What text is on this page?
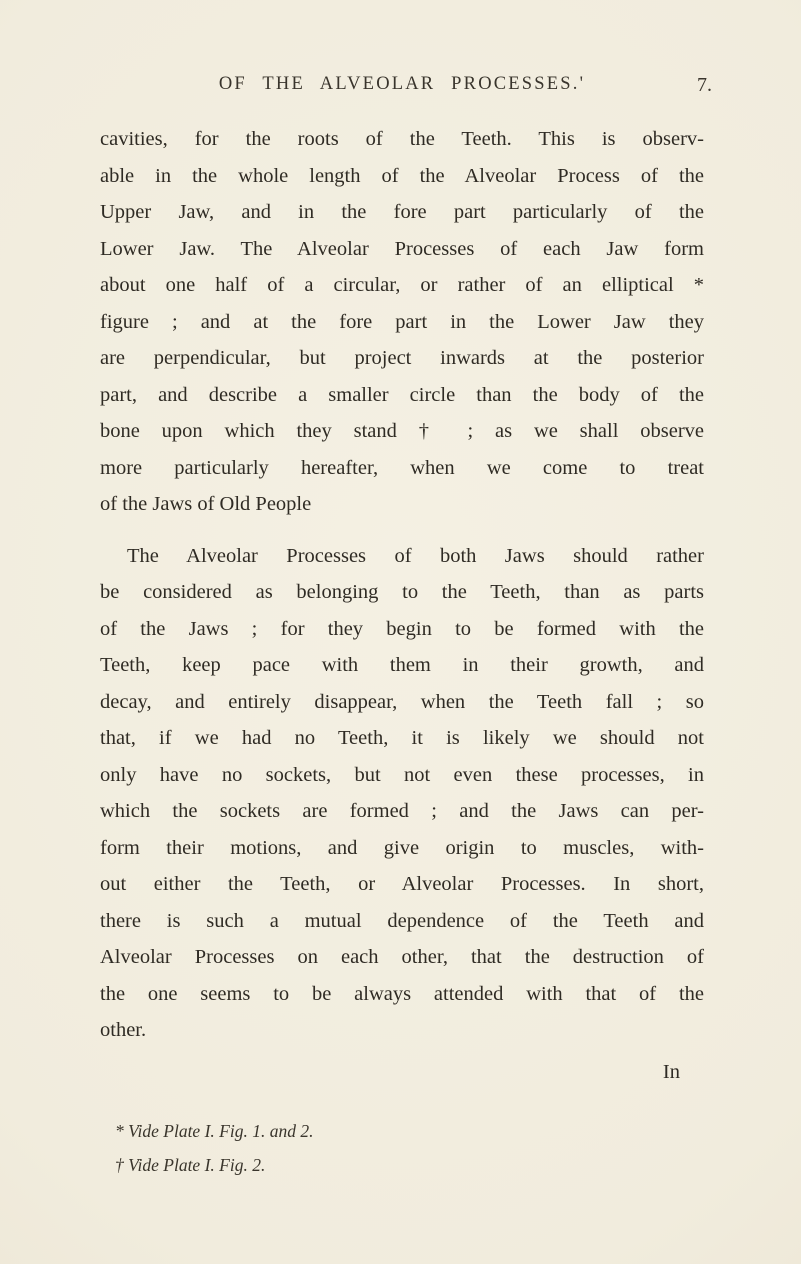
OF THE ALVEOLAR PROCESSES.'	7.
cavities, for the roots of the Teeth. This is observ-
able in the whole length of the Alveolar Process of the
Upper Jaw, and in the fore part particularly of the
Lower Jaw. The Alveolar Processes of each Jaw form
about one half of a circular, or rather of an elliptical *
figure ; and at the fore part in the Lower Jaw they
are perpendicular, but project inwards at the posterior
part, and describe a smaller circle than the body of the
bone upon which they stand † ; as we shall observe
more particularly hereafter, when we come to treat
of the Jaws of Old People
The Alveolar Processes of both Jaws should rather
be considered as belonging to the Teeth, than as parts
of the Jaws ; for they begin to be formed with the
Teeth, keep pace with them in their growth, and
decay, and entirely disappear, when the Teeth fall ; so
that, if we had no Teeth, it is likely we should not
only have no sockets, but not even these processes, in
which the sockets are formed ; and the Jaws can per-
form their motions, and give origin to muscles, with-
out either the Teeth, or Alveolar Processes. In short,
there is such a mutual dependence of the Teeth and
Alveolar Processes on each other, that the destruction of
the one seems to be always attended with that of the
other.
In
* Vide Plate I. Fig. 1. and 2.
† Vide Plate I. Fig. 2.
